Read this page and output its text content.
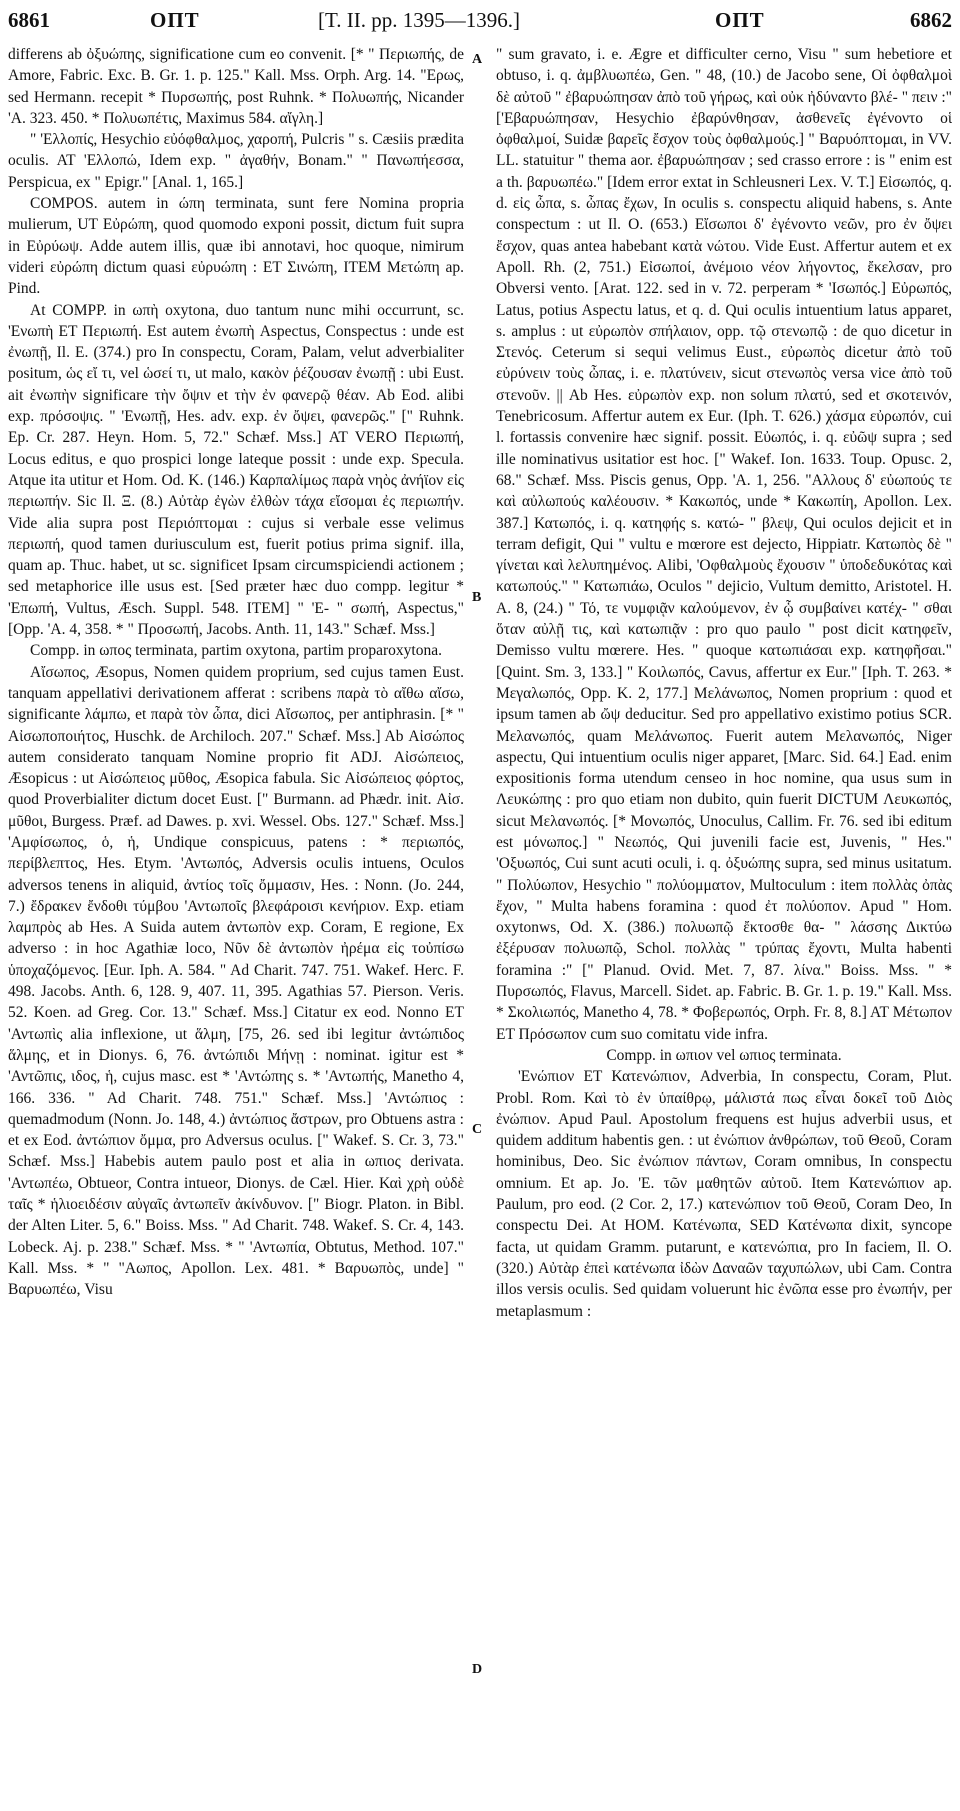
6861	ΟΠΤ	[T. II. pp. 1395—1396.]	ΟΠΤ	6862

differens ab ὀξυώπης, significatione cum eo convenit. [* " Περιωπής, de Amore, Fabric. Exc. B. Gr. 1. p. 125." Kall. Mss. Orph. Arg. 14. "Ερως, sed Hermann. recepit * Πυρσωπής, post Ruhnk. * Πολυωπής, Nicander 'Α. 323. 450. * Πολυωπέτις, Maximus 584. αἴγλη.]

" 'Ελλοπίς, Hesychio εὐόφθαλμος, χαροπή, Pulcris " s. Cæsiis prædita oculis. AT 'Ελλοπώ, Idem exp. " ἀγαθήν, Bonam." " Πανωπήεσσα, Perspicua, ex " Epigr." [Anal. 1, 165.]

COMPOS. autem in ώπη terminata, sunt fere Nomina propria mulierum, UT Εὐρώπη, quod quomodo exponi possit, dictum fuit supra in Εὐρύωψ. Adde autem illis, quæ ibi annotavi, hoc quoque, nimirum videri εὐρώπη dictum quasi εὐρυώπη : ET Σινώπη, ITEM Μετώπη ap. Pind.

At COMPP. in ωπὴ oxytona, duo tantum nunc mihi occurrunt, sc. 'Ενωπὴ ET Περιωπή. Est autem ἐνωπὴ Aspectus, Conspectus : unde est ἐνωπῇ, Il. E. (374.) pro In conspectu, Coram, Palam, velut adverbialiter positum, ὡς εἴ τι, vel ὡσεί τι, ut malo, κακὸν ῥέζουσαν ἐνωπῇ : ubi Eust. ait ἐνωπὴν significare τὴν ὄψιν et τὴν ἐν φανερῷ θέαν. Ab Eod. alibi exp. πρόσοψις. " 'Ενωπῇ, Hes. adv. exp. ἐν ὄψει, φανερῶς." [" Ruhnk. Ep. Cr. 287. Heyn. Hom. 5, 72." Schæf. Mss.] AT VERO Περιωπή, Locus editus, e quo prospici longe lateque possit : unde exp. Specula. Atque ita utitur et Hom. Od. K. (146.) Καρπαλίμως παρὰ νηὸς ἀνήϊον εἰς περιωπήν. Sic Il. Ξ. (8.) Αὐτὰρ ἐγὼν ἐλθὼν τάχα εἴσομαι ἐς περιωπήν. Vide alia supra post Περιόπτομαι : cujus si verbale esse velimus περιωπή, quod tamen duriusculum est, fuerit potius prima signif. illa, quam ap. Thuc. habet, ut sc. significet Ipsam circumspiciendi actionem ; sed metaphorice ille usus est. [Sed præter hæc duo compp. legitur * 'Επωπή, Vultus, Æsch. Suppl. 548. ITEM] " 'E- " σωπή, Aspectus," [Opp. 'A. 4, 358. * " Προσωπή, Jacobs. Anth. 11, 143." Schæf. Mss.]

Compp. in ωπος terminata, partim oxytona, partim proparoxytona.

Αἴσωπος, Æsopus, Nomen quidem proprium, sed cujus tamen Eust. tanquam appellativi derivationem afferat : scribens παρὰ τὸ αἴθω αἴσω, significante λάμπω, et παρὰ τὸν ὦπα, dici Αἴσωπος, per antiphrasin. [* " Αἰσωποποιήτος, Huschk. de Archiloch. 207." Schæf. Mss.] Ab Αἰσώπος autem considerato tanquam Nomine proprio fit ADJ. Αἰσώπειος, Æsopicus : ut Αἰσώπειος μῦθος, Æsopica fabula. Sic Αἰσώπειος φόρτος, quod Proverbialiter dictum docet Eust. [" Burmann. ad Phædr. init. Αἰσ. μῦθοι, Burgess. Præf. ad Dawes. p. xvi. Wessel. Obs. 127." Schæf. Mss.] 'Αμφίσωπος, ὁ, ἡ, Undique conspicuus, patens : * περιωπός, περίβλεπτος, Hes. Etym. 'Αντωπός, Adversis oculis intuens, Oculos adversos tenens in aliquid, ἀντίος τοῖς ὄμμασιν, Hes. : Nonn. (Jo. 244, 7.) ἔδρακεν ἔνδοθι τύμβου 'Αντωποῖς βλεφάροισι κενήριον. Exp. etiam λαμπρὸς ab Hes. A Suida autem ἀντωπὸν exp. Coram, E regione, Ex adverso : in hoc Agathiæ loco, Νῦν δὲ ἀντωπὸν ἠρέμα εἰς τοὐπίσω ὑποχαζόμενος. [Eur. Iph. A. 584. " Ad Charit. 747. 751. Wakef. Herc. F. 498. Jacobs. Anth. 6, 128. 9, 407. 11, 395. Agathias 57. Pierson. Veris. 52. Koen. ad Greg. Cor. 13." Schæf. Mss.] Citatur ex eod. Nonno ET 'Αντωπὶς alia inflexione, ut ἅλμη, [75, 26. sed ibi legitur ἀντώπιδος ἅλμης, et in Dionys. 6, 76. ἀντώπιδι Μήνῃ : nominat. igitur est * 'Αντῶπις, ιδος, ἡ, cujus masc. est * 'Αντώπης s. * 'Αντωπής, Manetho 4, 166. 336. " Ad Charit. 748. 751." Schæf. Mss.] 'Αντώπιος : quemadmodum (Nonn. Jo. 148, 4.) ἀντώπιος ἄστρων, pro Obtuens astra : et ex Eod. ἀντώπιον ὄμμα, pro Adversus oculus. [" Wakef. S. Cr. 3, 73." Schæf. Mss.] Habebis autem paulo post et alia in ωπιος derivata. 'Αντωπέω, Obtueor, Contra intueor, Dionys. de Cæl. Hier. Καὶ χρὴ οὐδὲ ταῖς * ἡλιοειδέσιν αὐγαῖς ἀντωπεῖν ἀκίνδυνον. [" Biogr. Platon. in Bibl. der Alten Liter. 5, 6." Boiss. Mss. " Ad Charit. 748. Wakef. S. Cr. 4, 143. Lobeck. Aj. p. 238." Schæf. Mss. * " 'Αντωπία, Obtutus, Method. 107." Kall. Mss. * " "Αωπος, Apollon. Lex. 481. * Βαρυωπὸς, unde] " Βαρυωπέω, Visu

" sum gravato, i. e. Ægre et difficulter cerno, Visu " sum hebetiore et obtuso, i. q. ἀμβλυωπέω, Gen. " 48, (10.) de Jacobo sene, Οἱ ὀφθαλμοὶ δὲ αὐτοῦ " ἐβαρυώπησαν ἀπὸ τοῦ γήρως, καὶ οὐκ ἠδύναντο βλέ- " πειν :" ['Εβαρυώπησαν, Hesychio ἐβαρύνθησαν, ἀσθενεῖς ἐγένοντο οἱ ὀφθαλμοί, Suidæ βαρεῖς ἔσχον τοὺς ὀφθαλμούς.] " Βαρυόπτομαι, in VV. LL. statuitur " thema aor. ἐβαρυώπησαν ; sed crasso errore : is " enim est a th. βαρυωπέω." [Idem error extat in Schleusneri Lex. V. T.] Εἰσωπός, q. d. εἰς ὦπα, s. ὦπας ἔχων, In oculis s. conspectu aliquid habens, s. Ante conspectum : ut Il. O. (653.) Εἴσωποι δ' ἐγένοντο νεῶν, pro ἐν ὄψει ἔσχον, quas antea habebant κατὰ νώτου. Vide Eust. Affertur autem et ex Apoll. Rh. (2, 751.) Εἰσωποί, ἀνέμοιο νέον λήγοντος, ἔκελσαν, pro Obversi vento. [Arat. 122. sed in v. 72. perperam * 'Ισωπός.] Εὐρωπός, Latus, potius Aspectu latus, et q. d. Qui oculis intuentium latus apparet, s. amplus : ut εὐρωπὸν σπήλαιον, opp. τῷ στενωπῷ : de quo dicetur in Στενός. Ceterum si sequi velimus Eust., εὐρωπὸς dicetur ἀπὸ τοῦ εὐρύνειν τοὺς ὦπας, i. e. πλατύνειν, sicut στενωπὸς versa vice ἀπὸ τοῦ στενοῦν. || Ab Hes. εὐρωπὸν exp. non solum πλατύ, sed et σκοτεινόν, Tenebricosum. Affertur autem ex Eur. (Iph. T. 626.) χάσμα εὐρωπόν, cui l. fortassis convenire hæc signif. possit. Εὐωπός, i. q. εὐῶψ supra ; sed ille nominativus usitatior est hoc. [" Wakef. Ion. 1633. Toup. Opusc. 2, 68." Schæf. Mss. Piscis genus, Opp. 'A. 1, 256. "Αλλους δ' εὐωπούς τε καὶ αὐλωπούς καλέουσιν. * Κακωπός, unde * Κακωπίη, Apollon. Lex. 387.] Κατωπός, i. q. κατηφής s. κατώ- " βλεψ, Qui oculos dejicit et in terram defigit, Qui " vultu e mœrore est dejecto, Hippiatr. Κατωπὸς δὲ " γίνεται καὶ λελυπημένος. Alibi, 'Οφθαλμοὺς ἔχουσιν " ὑποδεδυκότας καὶ κατωπούς." " Κατωπιάω, Oculos " dejicio, Vultum demitto, Aristotel. H. A. 8, (24.) " Τό, τε νυμφιᾷν καλούμενον, ἐν ᾧ συμβαίνει κατέχ- " σθαι ὅταν αὐλῇ τις, καὶ κατωπιᾷν : pro quo paulo " post dicit κατηφεῖν, Demisso vultu mœrere. Hes. " quoque κατωπιάσαι exp. κατηφῆσαι." [Quint. Sm. 3, 133.] " Κοιλωπός, Cavus, affertur ex Eur." [Iph. T. 263. * Μεγαλωπός, Opp. K. 2, 177.] Μελάνωπος, Nomen proprium : quod et ipsum tamen ab ὤψ deducitur. Sed pro appellativo existimo potius SCR. Μελανωπός, quam Μελάνωπος. Fuerit autem Μελανωπός, Niger aspectu, Qui intuentium oculis niger apparet, [Marc. Sid. 64.] Ead. enim expositionis forma utendum censeo in hoc nomine, qua usus sum in Λευκώπης : pro quo etiam non dubito, quin fuerit DICTUM Λευκωπός, sicut Μελανωπός. [* Μονωπός, Unoculus, Callim. Fr. 76. sed ibi editum est μόνωπος.] " Νεωπός, Qui juvenili facie est, Juvenis, " Hes." 'Οξυωπός, Cui sunt acuti oculi, i. q. ὀξυώπης supra, sed minus usitatum. " Πολύωπον, Hesychio " πολύομματον, Multoculum : item πολλὰς ὀπὰς ἔχον, " Multa habens foramina : quod ἐτ πολύοπον. Apud " Hom. οxytonws, Od. X. (386.) πολυωπῷ ἔκτοσθε θα- " λάσσης Δικτύω ἐξέρυσαν πολυωπῷ, Schol. πολλὰς " τρύπας ἔχοντι, Multa habenti foramina :" [" Planud. Ovid. Met. 7, 87. λίνα." Boiss. Mss. " * Πυρσωπός, Flavus, Marcell. Sidet. ap. Fabric. B. Gr. 1. p. 19." Kall. Mss. * Σκολιωπός, Manetho 4, 78. * Φοβερωπός, Orph. Fr. 8, 8.] AT Μέτωπον ET Πρόσωπον cum suo comitatu vide infra.

Compp. in ωπιον vel ωπιος terminata.

'Ενώπιον ET Κατενώπιον, Adverbia, In conspectu, Coram, Plut. Probl. Rom. Καὶ τὸ ἐν ὑπαίθρῳ, μάλιστά πως εἶναι δοκεῖ τοῦ Διὸς ἐνώπιον. Apud Paul. Apostolum frequens est hujus adverbii usus, et quidem additum habentis gen. : ut ἐνώπιον ἀνθρώπων, τοῦ Θεοῦ, Coram hominibus, Deo. Sic ἐνώπιον πάντων, Coram omnibus, In conspectu omnium. Et ap. Jo. 'E. τῶν μαθητῶν αὐτοῦ. Item Κατενώπιον ap. Paulum, pro eod. (2 Cor. 2, 17.) κατενώπιον τοῦ Θεοῦ, Coram Deo, In conspectu Dei. At HOM. Κατένωπα, SED Κατένωπα dixit, syncope facta, ut quidam Gramm. putarunt, e κατενώπια, pro In faciem, Il. O. (320.) Αὐτὰρ ἐπεὶ κατένωπα ἰδὼν Δαναῶν ταχυπώλων, ubi Cam. Contra illos versis oculis. Sed quidam voluerunt hic ἐνῶπα esse pro ἐνωπήν, per metaplasmum :

A
B
C
D
